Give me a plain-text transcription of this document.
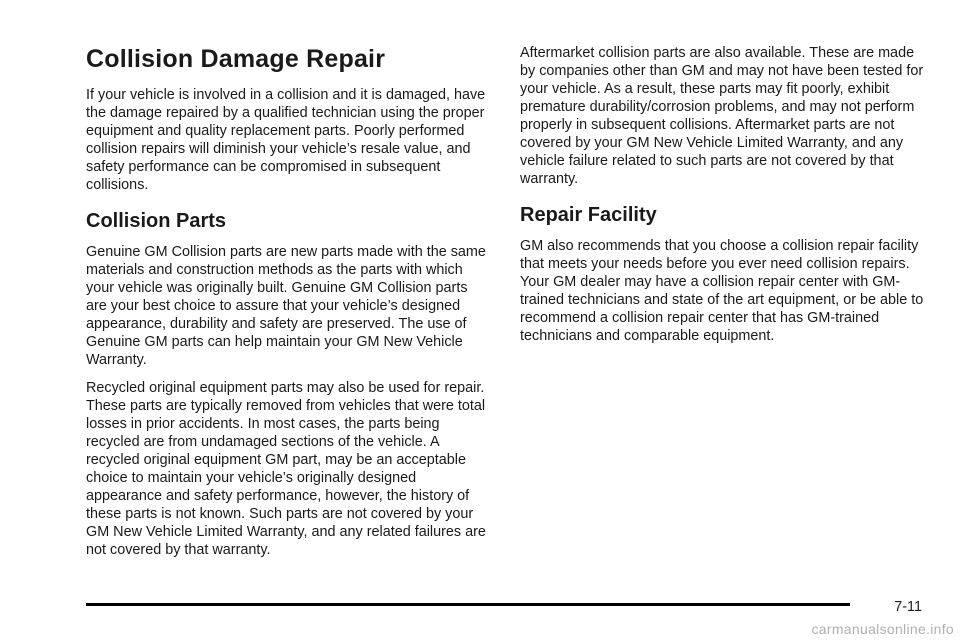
Collision Damage Repair

If your vehicle is involved in a collision and it is damaged, have the damage repaired by a qualified technician using the proper equipment and quality replacement parts. Poorly performed collision repairs will diminish your vehicle’s resale value, and safety performance can be compromised in subsequent collisions.

Collision Parts

Genuine GM Collision parts are new parts made with the same materials and construction methods as the parts with which your vehicle was originally built. Genuine GM Collision parts are your best choice to assure that your vehicle’s designed appearance, durability and safety are preserved. The use of Genuine GM parts can help maintain your GM New Vehicle Warranty.

Recycled original equipment parts may also be used for repair. These parts are typically removed from vehicles that were total losses in prior accidents. In most cases, the parts being recycled are from undamaged sections of the vehicle. A recycled original equipment GM part, may be an acceptable choice to maintain your vehicle’s originally designed appearance and safety performance, however, the history of these parts is not known. Such parts are not covered by your GM New Vehicle Limited Warranty, and any related failures are not covered by that warranty.

Aftermarket collision parts are also available. These are made by companies other than GM and may not have been tested for your vehicle. As a result, these parts may fit poorly, exhibit premature durability/corrosion problems, and may not perform properly in subsequent collisions. Aftermarket parts are not covered by your GM New Vehicle Limited Warranty, and any vehicle failure related to such parts are not covered by that warranty.

Repair Facility

GM also recommends that you choose a collision repair facility that meets your needs before you ever need collision repairs. Your GM dealer may have a collision repair center with GM-trained technicians and state of the art equipment, or be able to recommend a collision repair center that has GM-trained technicians and comparable equipment.

7-11
carmanualsonline.info
